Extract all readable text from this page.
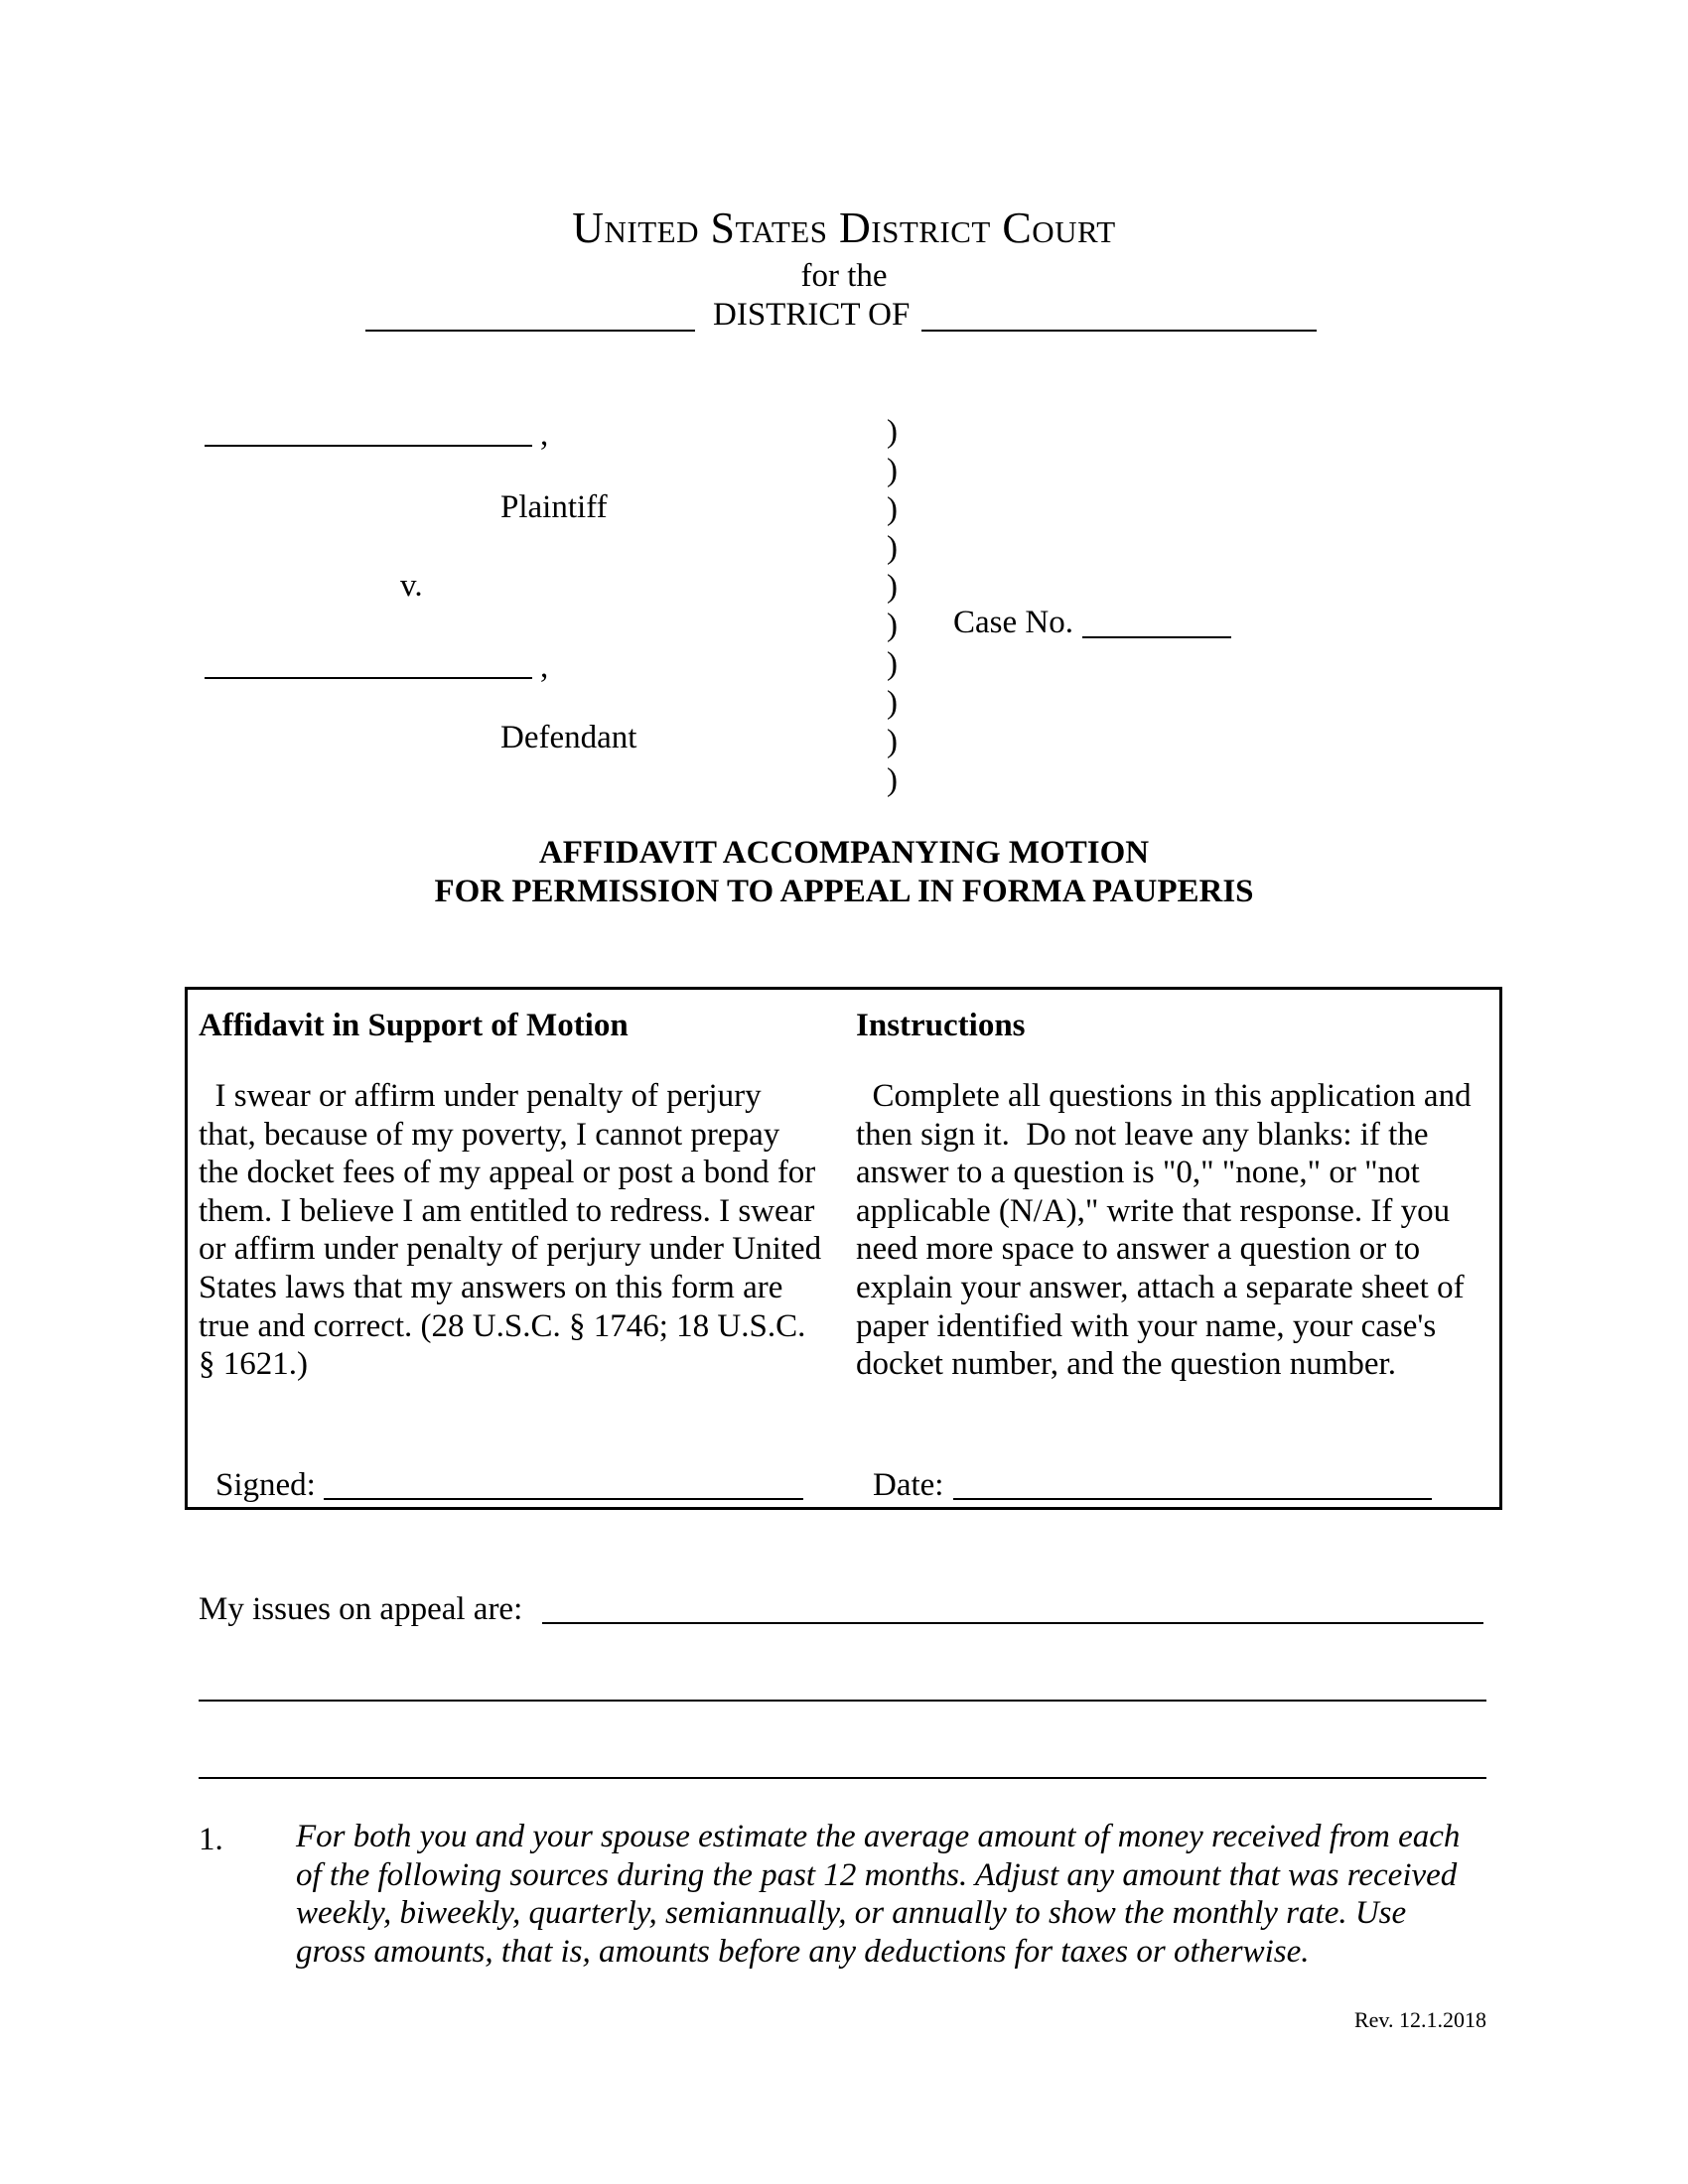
United States District Court
for the
DISTRICT OF
,
Plaintiff
v.
,
Defendant
)
)
)
)
)
)
)
)
)
)
Case No.
AFFIDAVIT ACCOMPANYING MOTION
FOR PERMISSION TO APPEAL IN FORMA PAUPERIS
Affidavit in Support of Motion	Instructions
I swear or affirm under penalty of perjury
that, because of my poverty, I cannot prepay
the docket fees of my appeal or post a bond for
them. I believe I am entitled to redress. I swear
or affirm under penalty of perjury under United
States laws that my answers on this form are
true and correct. (28 U.S.C. § 1746; 18 U.S.C.
§ 1621.)
Complete all questions in this application and
then sign it.  Do not leave any blanks: if the
answer to a question is "0," "none," or "not
applicable (N/A)," write that response. If you
need more space to answer a question or to
explain your answer, attach a separate sheet of
paper identified with your name, your case's
docket number, and the question number.
Signed:	Date:
My issues on appeal are:
1. For both you and your spouse estimate the average amount of money received from each
of the following sources during the past 12 months. Adjust any amount that was received
weekly, biweekly, quarterly, semiannually, or annually to show the monthly rate. Use
gross amounts, that is, amounts before any deductions for taxes or otherwise.
Rev. 12.1.2018
